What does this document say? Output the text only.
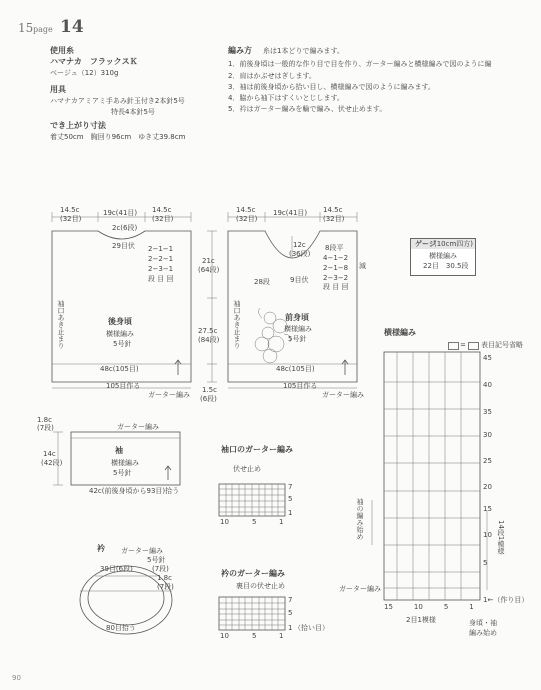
15 page 14
使用糸
ハマナカ　フラックスＫ
ベージュ（12）310g
用具
ハマナカアミアミ手あみ針玉付き2本針5号
特長4本針5号
でき上がり寸法
着丈50cm　胸回り96cm　ゆき丈39.8cm
編み方 糸は1本どりで編みます。
1．前後身頃は一般的な作り目で目を作り、ガーター編みと横様編みで図のように編
2．肩はかぶせはぎします。
3．袖は前後身頃から拾い目し、横様編みで図のように編みます。
4．脇から袖下はすくいとじします。
5．衿はガーター編みを輪で編み、伏せ止めます。
14.5c
(32目)
19c(41目) 14.5c
(32目)
2c(6段)
29目伏 2−1−1
2−2−1
2−3−1
段 目 回
袖口あき止まり	後身頃
横様編み
5号針
48c(105目)
105目作る
ガーター編み
21c
(64段)
27.5c
(84段)
1.5c
(6段)
14.5c
(32目)
19c(41目) 14.5c
(32目)
12c
(36段)
8段平
4−1−2
2−1−8
2−3−2
段 目 回
減
28段	9目伏
袖口あき止まり	前身頃
横様編み
5号針
48c(105目)
105目作る
ガーター編み
ゲージ
(10cm四方)
横様編み
22目　30.5段
1.8c
(7段)
14c
(42段)
ガーター編み
袖
横様編み
5号針
42c(前後身頃から93目)拾う
衿 ガーター編み
5号針
(7段)
39目(6段)
1.8c
(7段)
80目拾う
袖口のガーター編み
伏せ止め
7
5
1
10	5	1
衿のガーター編み
裏目の伏せ止め
7
5
1 （拾い目）
10	5	1
横様編み
= 表目記号省略
45
40
35
30
25
20
15
10
5
14段1模様
1←（作り目）
袖の編み始め
ガーター編み
15　　　10　　　5　　　1
2目1模様	身頃・袖
編み始め
90
